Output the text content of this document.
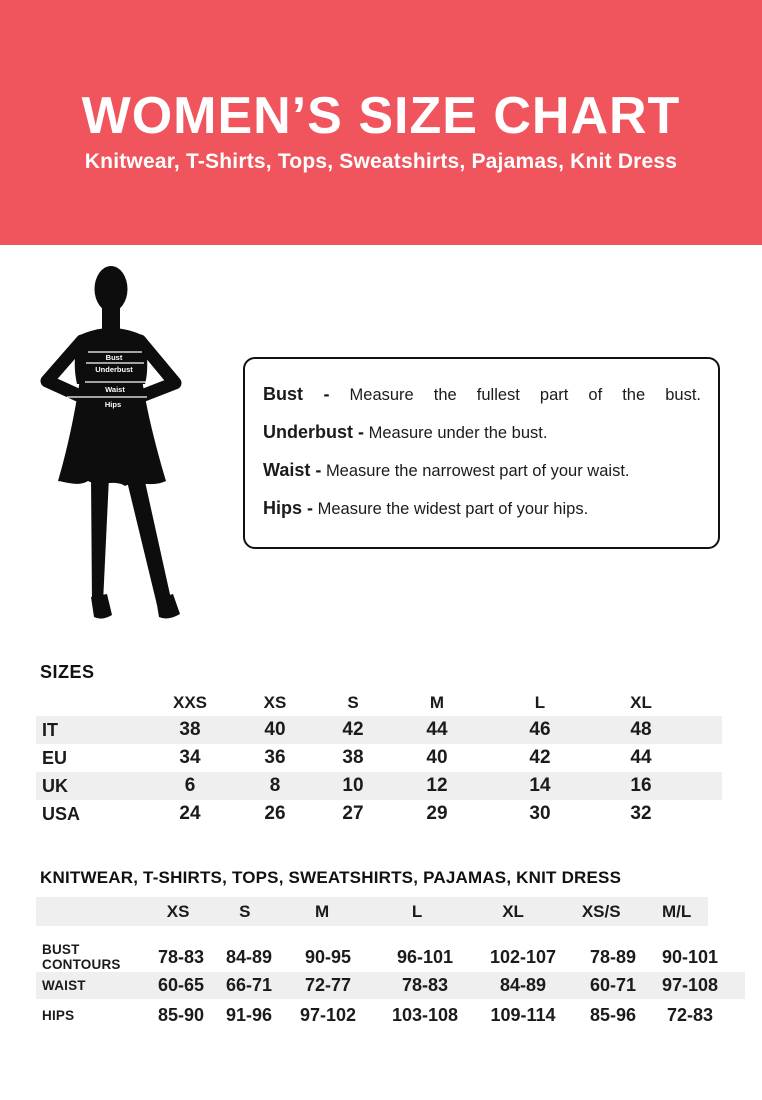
WOMEN’S SIZE CHART
Knitwear, T-Shirts, Tops, Sweatshirts, Pajamas, Knit Dress
Bust
Underbust
Waist
Hips

Bust - Measure the fullest part of the bust.

Underbust - Measure under the bust.

Waist - Measure the narrowest part of your waist.

Hips - Measure the widest part of your hips.

SIZES
XXS	XS	S	M	L	XL
IT	38	40	42	44	46	48
EU	34	36	38	40	42	44
UK	6	8	10	12	14	16
USA	24	26	27	29	30	32
KNITWEAR, T-SHIRTS, TOPS, SWEATSHIRTS, PAJAMAS, KNIT DRESS
XS	S	M	L	XL	XS/S	M/L
BUST CONTOURS	78-83	84-89	90-95	96-101	102-107	78-89	90-101
WAIST	60-65	66-71	72-77	78-83	84-89	60-71	97-108
HIPS	85-90	91-96	97-102	103-108	109-114	85-96	72-83
